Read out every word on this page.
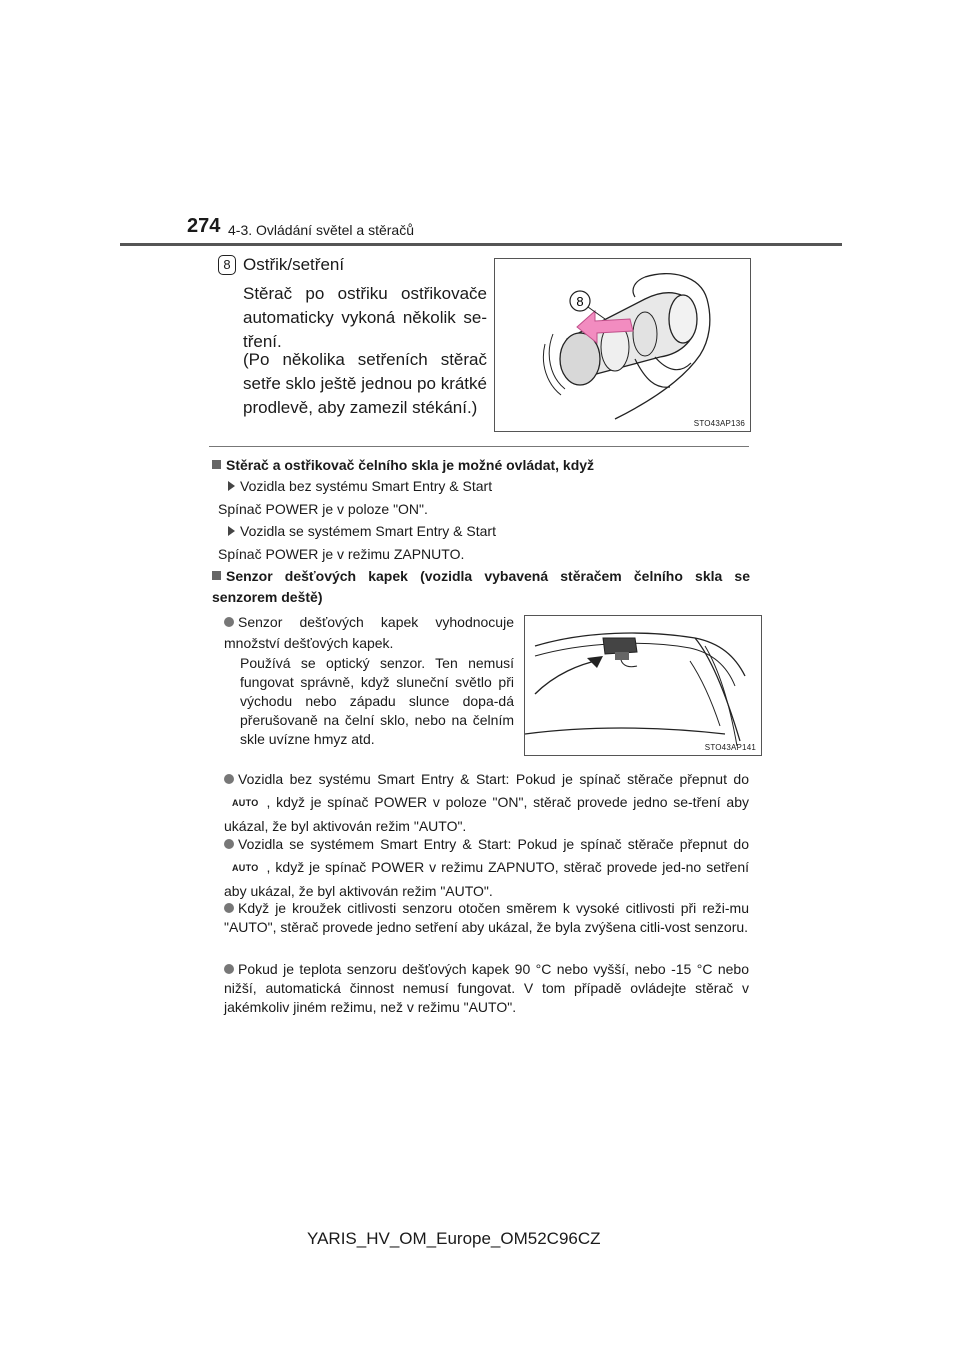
274 4-3. Ovládání světel a stěračů
8 Ostřik/setření
Stěrač po ostřiku ostřikovače automaticky vykoná několik se-tření.
(Po několika setřeních stěrač setře sklo ještě jednou po krátké prodlevě, aby zamezil stékání.)
8
STO43AP136
Stěrač a ostřikovač čelního skla je možné ovládat, když
Vozidla bez systému Smart Entry & Start
Spínač POWER je v poloze "ON".
Vozidla se systémem Smart Entry & Start
Spínač POWER je v režimu ZAPNUTO.
Senzor dešťových kapek (vozidla vybavená stěračem čelního skla se senzorem deště)
Senzor dešťových kapek vyhodnocuje množství dešťových kapek.
Používá se optický senzor. Ten nemusí fungovat správně, když sluneční světlo při východu nebo západu slunce dopa-dá přerušovaně na čelní sklo, nebo na čelním skle uvízne hmyz atd.
STO43AP141
Vozidla bez systému Smart Entry & Start: Pokud je spínač stěrače přepnut doAUTO , když je spínač POWER v poloze "ON", stěrač provede jedno se-tření aby ukázal, že byl aktivován režim "AUTO".
Vozidla se systémem Smart Entry & Start: Pokud je spínač stěrače přepnut doAUTO , když je spínač POWER v režimu ZAPNUTO, stěrač provede jed-no setření aby ukázal, že byl aktivován režim "AUTO".
Když je kroužek citlivosti senzoru otočen směrem k vysoké citlivosti při reži-mu "AUTO", stěrač provede jedno setření aby ukázal, že byla zvýšena citli-vost senzoru.
Pokud je teplota senzoru dešťových kapek 90 °C nebo vyšší, nebo -15 °C nebo nižší, automatická činnost nemusí fungovat. V tom případě ovládejte stěrač v jakémkoliv jiném režimu, než v režimu "AUTO".
YARIS_HV_OM_Europe_OM52C96CZ
